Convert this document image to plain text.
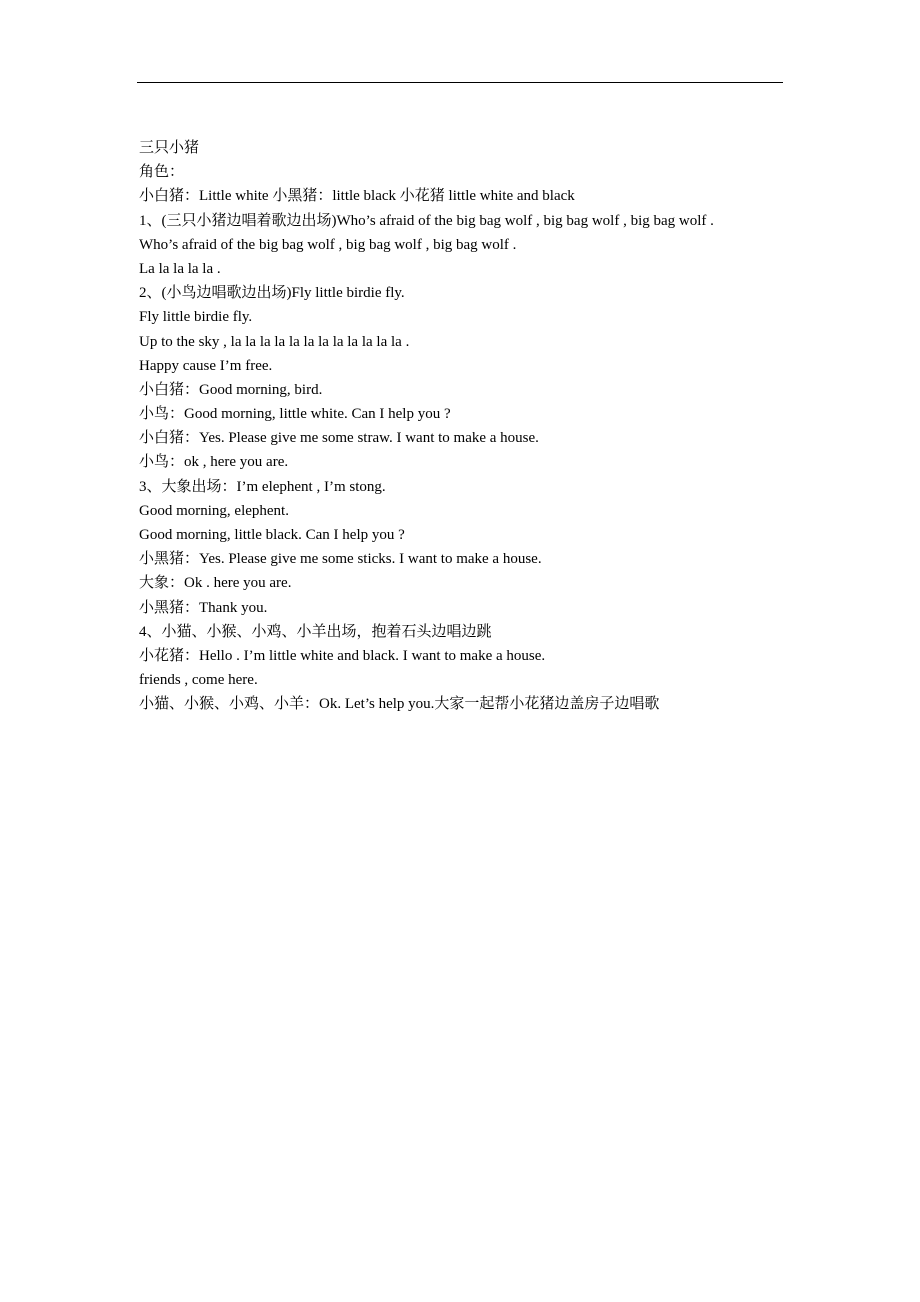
三只小猪
角色：
小白猪：Little white 小黑猪：little black 小花猪 little white and black
1、(三只小猪边唱着歌边出场)Who’s afraid of the big bag wolf , big bag wolf , big bag wolf .
Who’s afraid of the big bag wolf , big bag wolf , big bag wolf .
La la la la la .
2、(小鸟边唱歌边出场)Fly little birdie fly.
Fly little birdie fly.
Up to the sky , la la la la la la la la la la la la .
Happy cause I’m free.
小白猪：Good morning, bird.
小鸟：Good morning, little white. Can I help you ?
小白猪：Yes. Please give me some straw. I want to make a house.
小鸟：ok , here you are.
3、大象出场：I’m elephent , I’m stong.
Good morning, elephent.
Good morning, little black. Can I help you ?
小黑猪：Yes. Please give me some sticks. I want to make a house.
大象：Ok . here you are.
小黑猪：Thank you.
4、小猫、小猴、小鸡、小羊出场，抱着石头边唱边跳
小花猪：Hello . I’m little white and black. I want to make a house.
friends , come here.
小猫、小猴、小鸡、小羊：Ok. Let’s help you.大家一起帮小花猪边盖房子边唱歌
